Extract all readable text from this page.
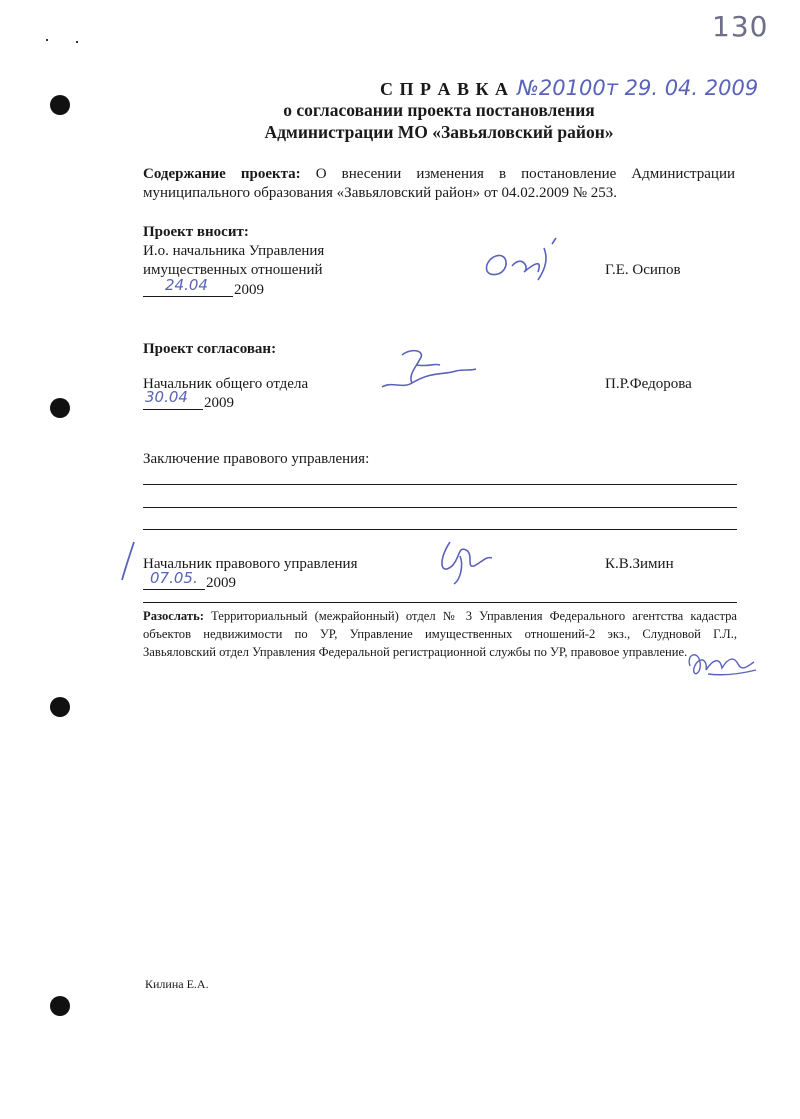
130
С П Р А В К А №20100т 29. 04. 2009
о согласовании проекта постановления
Администрации МО «Завьяловский район»
Содержание проекта: О внесении изменения в постановление Администрации
муниципального образования «Завьяловский район» от 04.02.2009 № 253.
Проект вносит:
И.о. начальника Управления
имущественных отношений
24.04 2009
Г.Е. Осипов
Проект согласован:
Начальник общего отдела
30.04 2009
П.Р.Федорова
Заключение правового управления:
Начальник правового управления
07.05. 2009
К.В.Зимин
Разослать: Территориальный (межрайонный) отдел № 3 Управления Федерального агентства кадастра
объектов недвижимости по УР, Управление имущественных отношений-2 экз., Слудновой Г.Л.,
Завьяловский отдел Управления Федеральной регистрационной службы по УР, правовое управление.
Килина Е.А.
